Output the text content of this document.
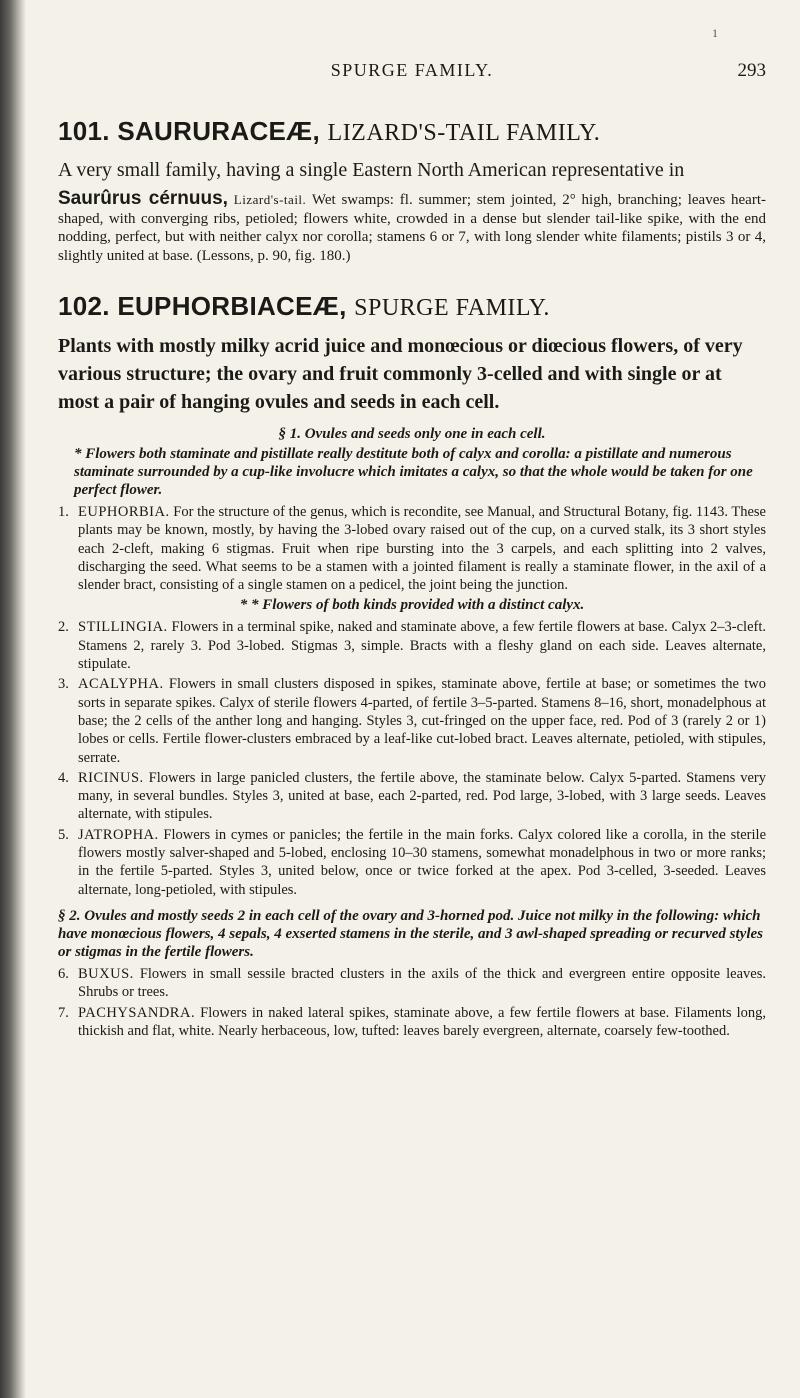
1
SPURGE FAMILY.	293
101. SAURURACEÆ, LIZARD'S-TAIL FAMILY.

A very small family, having a single Eastern North American representative in

Saurûrus cérnuus, Lizard's-tail. Wet swamps: fl. summer; stem jointed, 2° high, branching; leaves heart-shaped, with converging ribs, petioled; flowers white, crowded in a dense but slender tail-like spike, with the end nodding, perfect, but with neither calyx nor corolla; stamens 6 or 7, with long slender white filaments; pistils 3 or 4, slightly united at base. (Lessons, p. 90, fig. 180.)

102. EUPHORBIACEÆ, SPURGE FAMILY.

Plants with mostly milky acrid juice and monœcious or diœcious flowers, of very various structure; the ovary and fruit commonly 3-celled and with single or at most a pair of hanging ovules and seeds in each cell.

§ 1. Ovules and seeds only one in each cell.
* Flowers both staminate and pistillate really destitute both of calyx and corolla: a pistillate and numerous staminate surrounded by a cup-like involucre which imitates a calyx, so that the whole would be taken for one perfect flower.
1. EUPHORBIA. For the structure of the genus, which is recondite, see Manual, and Structural Botany, fig. 1143. These plants may be known, mostly, by having the 3-lobed ovary raised out of the cup, on a curved stalk, its 3 short styles each 2-cleft, making 6 stigmas. Fruit when ripe bursting into the 3 carpels, and each splitting into 2 valves, discharging the seed. What seems to be a stamen with a jointed filament is really a staminate flower, in the axil of a slender bract, consisting of a single stamen on a pedicel, the joint being the junction.
* * Flowers of both kinds provided with a distinct calyx.
2. STILLINGIA. Flowers in a terminal spike, naked and staminate above, a few fertile flowers at base. Calyx 2–3-cleft. Stamens 2, rarely 3. Pod 3-lobed. Stigmas 3, simple. Bracts with a fleshy gland on each side. Leaves alternate, stipulate.
3. ACALYPHA. Flowers in small clusters disposed in spikes, staminate above, fertile at base; or sometimes the two sorts in separate spikes. Calyx of sterile flowers 4-parted, of fertile 3–5-parted. Stamens 8–16, short, monadelphous at base; the 2 cells of the anther long and hanging. Styles 3, cut-fringed on the upper face, red. Pod of 3 (rarely 2 or 1) lobes or cells. Fertile flower-clusters embraced by a leaf-like cut-lobed bract. Leaves alternate, petioled, with stipules, serrate.
4. RICINUS. Flowers in large panicled clusters, the fertile above, the staminate below. Calyx 5-parted. Stamens very many, in several bundles. Styles 3, united at base, each 2-parted, red. Pod large, 3-lobed, with 3 large seeds. Leaves alternate, with stipules.
5. JATROPHA. Flowers in cymes or panicles; the fertile in the main forks. Calyx colored like a corolla, in the sterile flowers mostly salver-shaped and 5-lobed, enclosing 10–30 stamens, somewhat monadelphous in two or more ranks; in the fertile 5-parted. Styles 3, united below, once or twice forked at the apex. Pod 3-celled, 3-seeded. Leaves alternate, long-petioled, with stipules.
§ 2. Ovules and mostly seeds 2 in each cell of the ovary and 3-horned pod. Juice not milky in the following: which have monœcious flowers, 4 sepals, 4 exserted stamens in the sterile, and 3 awl-shaped spreading or recurved styles or stigmas in the fertile flowers.
6. BUXUS. Flowers in small sessile bracted clusters in the axils of the thick and evergreen entire opposite leaves. Shrubs or trees.
7. PACHYSANDRA. Flowers in naked lateral spikes, staminate above, a few fertile flowers at base. Filaments long, thickish and flat, white. Nearly herbaceous, low, tufted: leaves barely evergreen, alternate, coarsely few-toothed.
